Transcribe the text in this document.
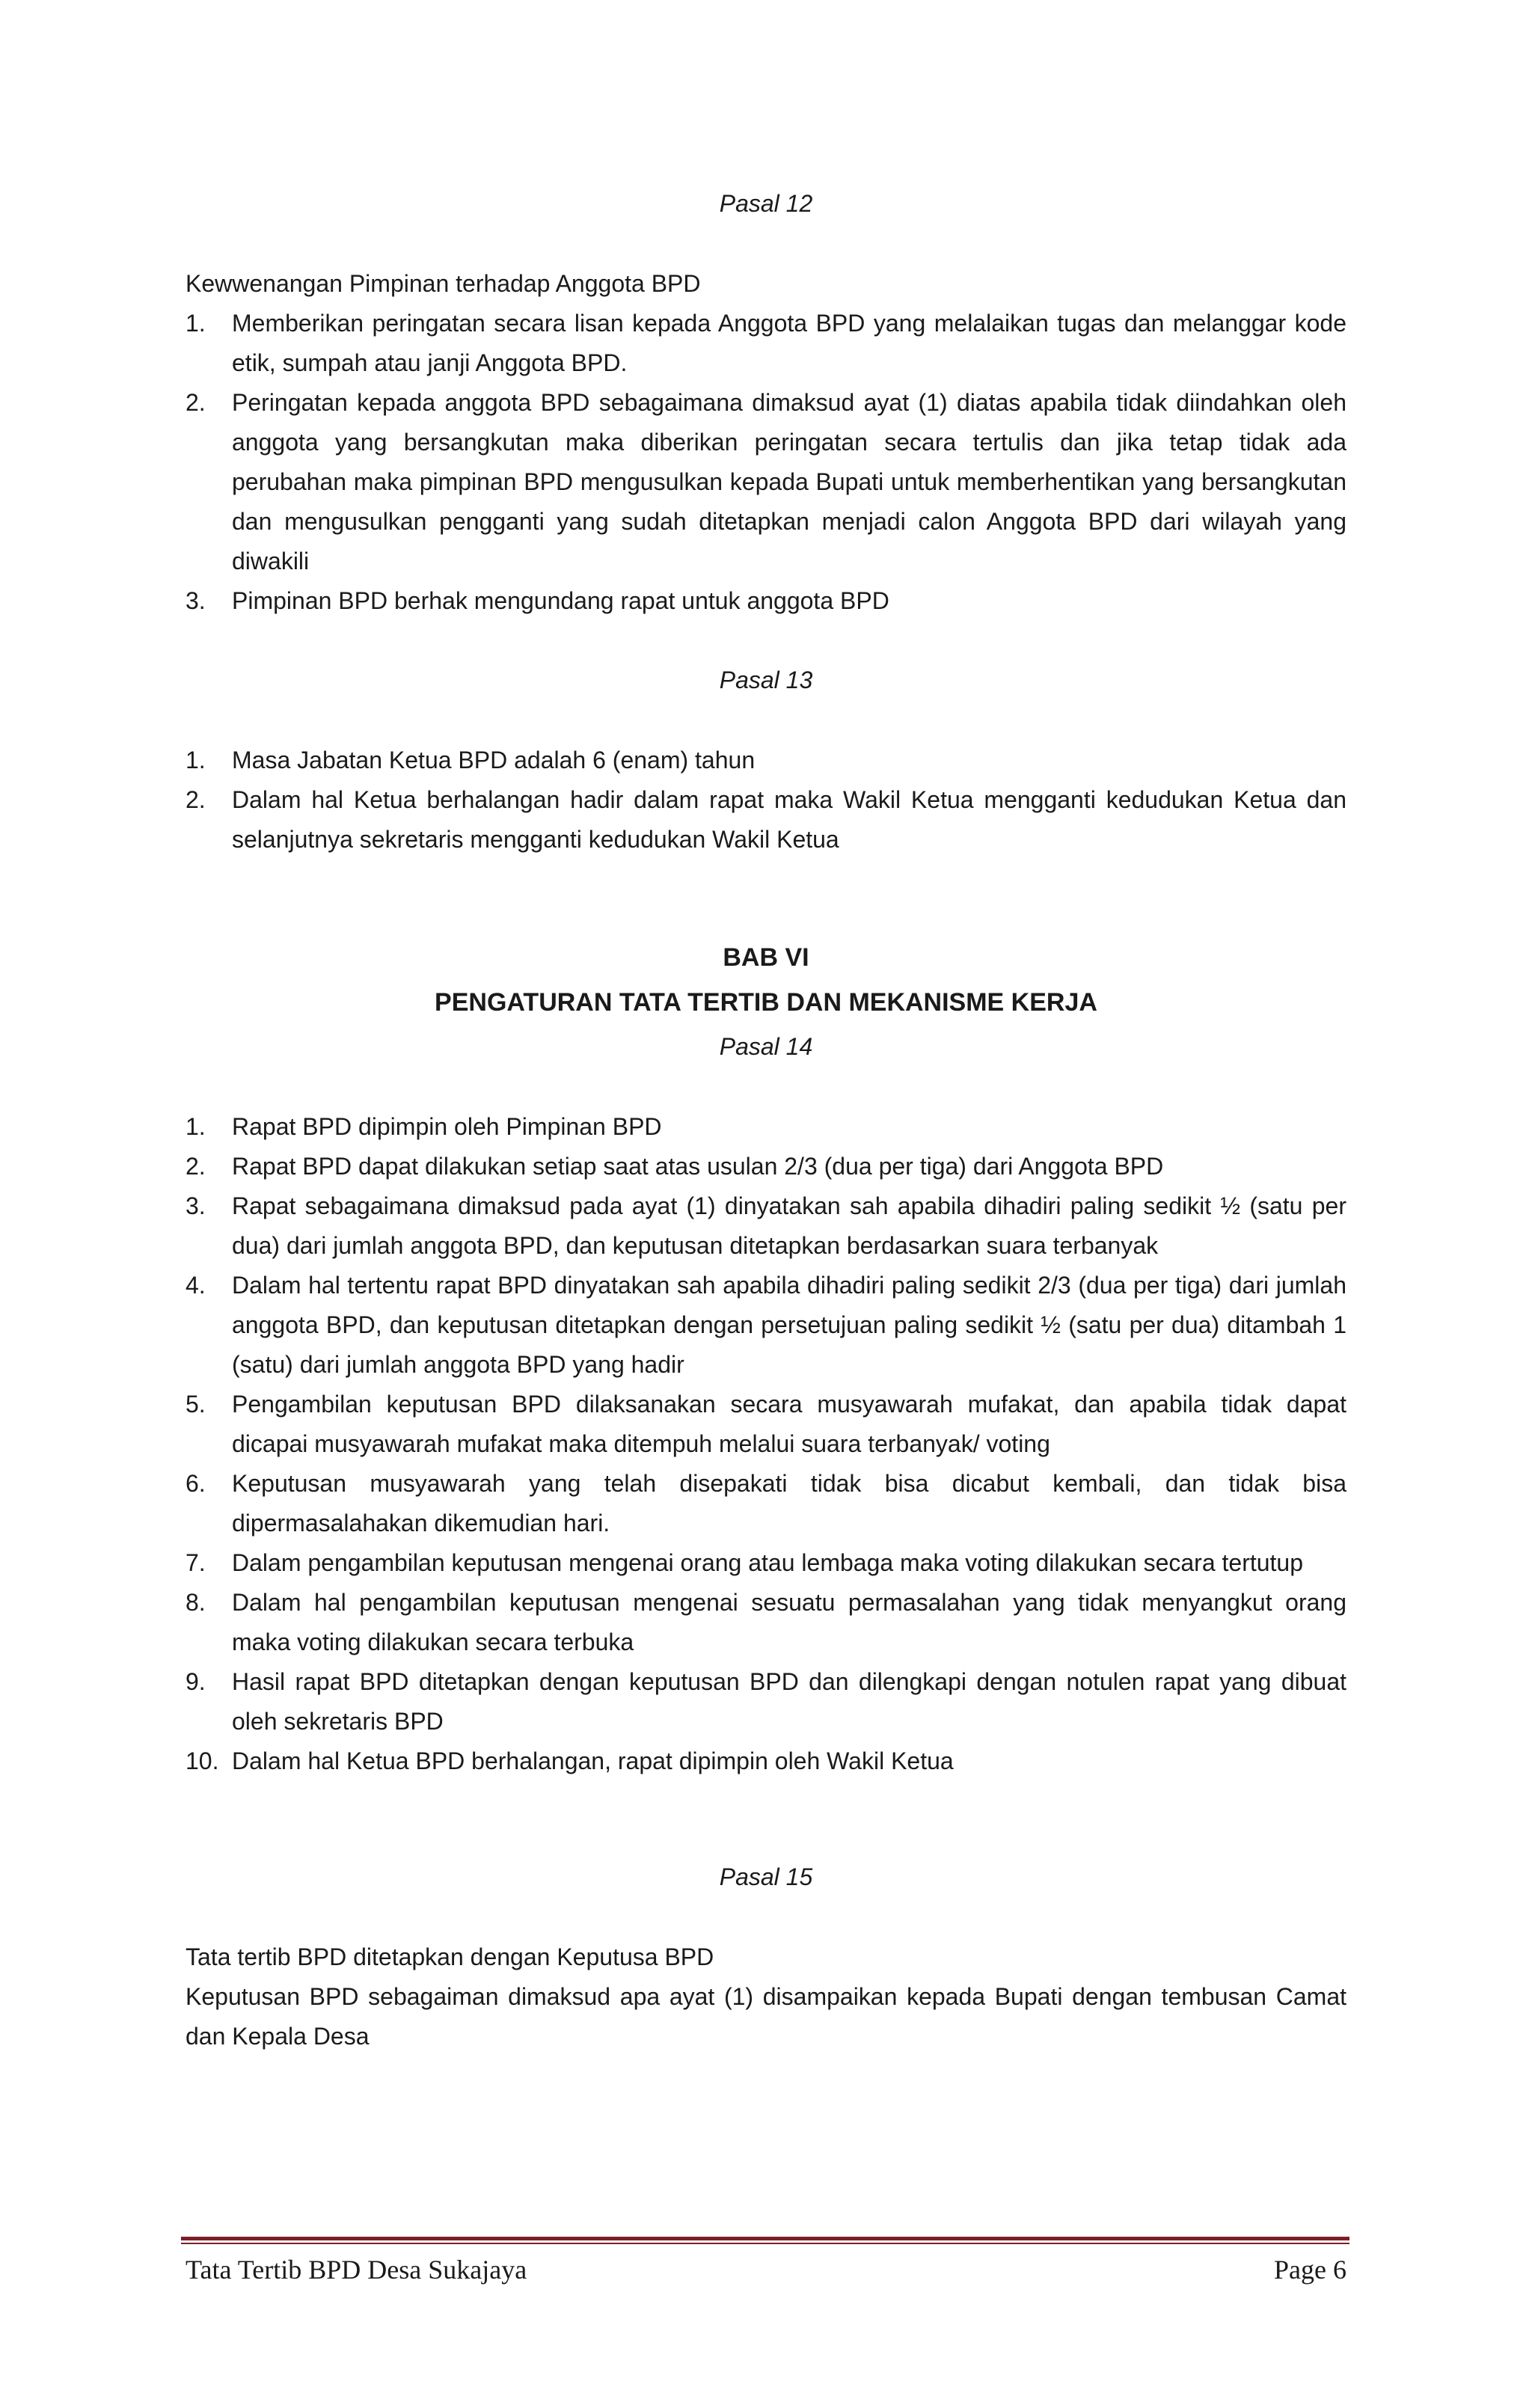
Pasal 12

Kewwenangan Pimpinan terhadap Anggota BPD

1. Memberikan peringatan secara lisan kepada Anggota BPD yang melalaikan tugas dan melanggar kode etik, sumpah atau janji Anggota BPD.
2. Peringatan kepada anggota BPD sebagaimana dimaksud ayat (1) diatas apabila tidak diindahkan oleh anggota yang bersangkutan maka diberikan peringatan secara tertulis dan jika tetap tidak ada perubahan maka pimpinan BPD mengusulkan kepada Bupati untuk memberhentikan yang bersangkutan dan mengusulkan pengganti yang sudah ditetapkan menjadi calon Anggota BPD dari wilayah yang diwakili
3. Pimpinan BPD berhak mengundang rapat untuk anggota BPD
Pasal 13
1. Masa Jabatan Ketua BPD adalah 6 (enam) tahun
2. Dalam hal Ketua berhalangan hadir dalam rapat maka Wakil Ketua mengganti kedudukan Ketua dan selanjutnya sekretaris mengganti kedudukan Wakil Ketua
BAB VI
PENGATURAN TATA TERTIB DAN MEKANISME KERJA
Pasal 14
1. Rapat BPD dipimpin oleh Pimpinan BPD
2. Rapat BPD dapat dilakukan setiap saat atas usulan 2/3 (dua per tiga) dari Anggota BPD
3. Rapat sebagaimana dimaksud pada ayat (1) dinyatakan sah apabila dihadiri paling sedikit ½ (satu per dua) dari jumlah anggota BPD, dan keputusan ditetapkan berdasarkan suara terbanyak
4. Dalam hal tertentu rapat BPD dinyatakan sah apabila dihadiri paling sedikit 2/3 (dua per tiga) dari jumlah anggota BPD, dan keputusan ditetapkan dengan persetujuan paling sedikit ½ (satu per dua) ditambah 1 (satu) dari jumlah anggota BPD yang hadir
5. Pengambilan keputusan BPD dilaksanakan secara musyawarah mufakat, dan apabila tidak dapat dicapai musyawarah mufakat maka ditempuh melalui suara terbanyak/ voting
6. Keputusan musyawarah yang telah disepakati tidak bisa dicabut kembali, dan tidak bisa dipermasalahakan dikemudian hari.
7. Dalam pengambilan keputusan mengenai orang atau lembaga maka voting dilakukan secara tertutup
8. Dalam hal pengambilan keputusan mengenai sesuatu permasalahan yang tidak menyangkut orang maka voting dilakukan secara terbuka
9. Hasil rapat BPD ditetapkan dengan keputusan BPD dan dilengkapi dengan notulen rapat yang dibuat oleh sekretaris BPD
10. Dalam hal Ketua BPD berhalangan, rapat dipimpin oleh Wakil Ketua
Pasal 15

Tata tertib BPD ditetapkan dengan Keputusa BPD

Keputusan BPD sebagaiman dimaksud apa ayat (1) disampaikan kepada Bupati dengan tembusan Camat dan Kepala Desa

Tata Tertib BPD Desa Sukajaya	Page 6
